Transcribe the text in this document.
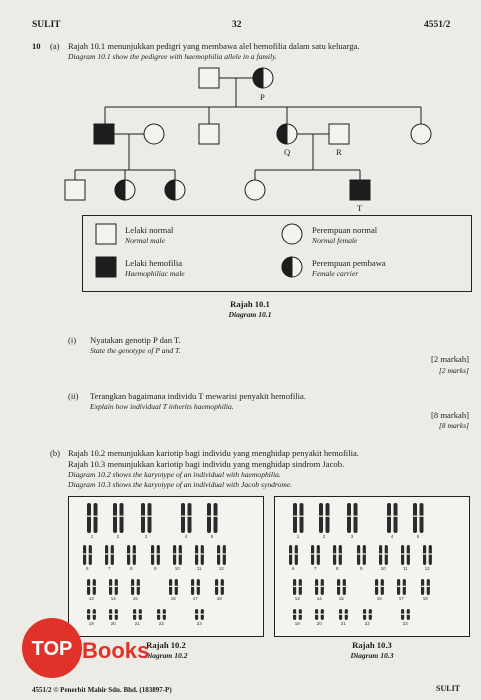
SULIT	32	4551/2
10 (a) Rajah 10.1 menunjukkan pedigri yang membawa alel hemofilia dalam satu keluarga.
Diagram 10.1 show the pedigree with haemophilia allele in a family.
P
Q	R
T
Lelaki normal
Normal male
Lelaki hemofilia
Haemophiliac male
Perempuan normal
Normal female
Perempuan pembawa
Female carrier
Rajah 10.1
Diagram 10.1
(i) Nyatakan genotip P dan T.
State the genotype of P and T.
[2 markah]
[2 marks]
(ii) Terangkan bagaimana individu T mewarisi penyakit hemofilia.
Explain how individual T inherits haemophilia.
[8 markah]
[8 marks]
(b) Rajah 10.2 menunjukkan kariotip bagi individu yang menghidap penyakit hemofilia.
Rajah 10.3 menunjukkan kariotip bagi individu yang menghidap sindrom Jacob.
Diagram 10.2 shows the karyotype of an individual with haemophilia.
Diagram 10.3 shows the karyotype of an individual with Jacob syndrome.
1	2	3	4	5
6	7	8	9	10	11	12
13	14	15	16	17	18
19	20	21	22	23
1	2	3	4	5
6	7	8	9	10	11	12
13	14	15	16	17	18
19	20	21	22	23
Rajah 10.2
Diagram 10.2
Rajah 10.3
Diagram 10.3
TOP Books
4551/2 © Penerbit Mahir Sdn. Bhd. (183897-P)	SULIT
